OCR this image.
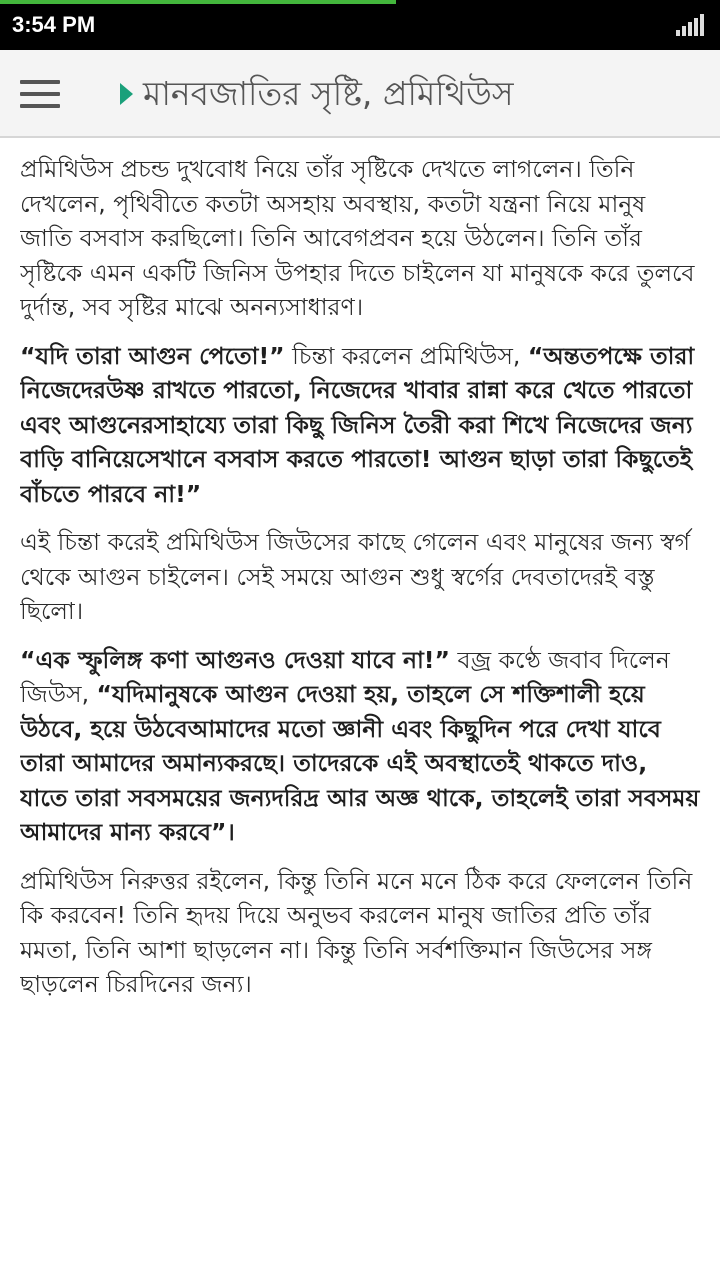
3:54 PM
মানবজাতির সৃষ্টি, প্রমিথিউস

প্রমিথিউস প্রচন্ড দুখবোধ নিয়ে তাঁর সৃষ্টিকে দেখতে লাগলেন। তিনি দেখলেন, পৃথিবীতে কতটা অসহায় অবস্থায়, কতটা যন্ত্রনা নিয়ে মানুষ জাতি বসবাস করছিলো। তিনি আবেগপ্রবন হয়ে উঠলেন। তিনি তাঁর সৃষ্টিকে এমন একটি জিনিস উপহার দিতে চাইলেন যা মানুষকে করে তুলবে দুর্দান্ত, সব সৃষ্টির মাঝে অনন্যসাধারণ।

“যদি তারা আগুন পেতো!” চিন্তা করলেন প্রমিথিউস, “অন্ততপক্ষে তারা নিজেদেরউষ্ণ রাখতে পারতো, নিজেদের খাবার রান্না করে খেতে পারতো এবং আগুনেরসাহায্যে তারা কিছু জিনিস তৈরী করা শিখে নিজেদের জন্য বাড়ি বানিয়েসেখানে বসবাস করতে পারতো! আগুন ছাড়া তারা কিছুতেই বাঁচতে পারবে না!”

এই চিন্তা করেই প্রমিথিউস জিউসের কাছে গেলেন এবং মানুষের জন্য স্বর্গ থেকে আগুন চাইলেন। সেই সময়ে আগুন শুধু স্বর্গের দেবতাদেরই বস্তু ছিলো।

“এক স্ফুলিঙ্গ কণা আগুনও দেওয়া যাবে না!” বজ্র কণ্ঠে জবাব দিলেন জিউস, “যদিমানুষকে আগুন দেওয়া হয়, তাহলে সে শক্তিশালী হয়ে উঠবে, হয়ে উঠবেআমাদের মতো জ্ঞানী এবং কিছুদিন পরে দেখা যাবে তারা আমাদের অমান্যকরছে। তাদেরকে এই অবস্থাতেই থাকতে দাও, যাতে তারা সবসময়ের জন্যদরিদ্র আর অজ্ঞ থাকে, তাহলেই তারা সবসময় আমাদের মান্য করবে”।

প্রমিথিউস নিরুত্তর রইলেন, কিন্তু তিনি মনে মনে ঠিক করে ফেললেন তিনি কি করবেন! তিনি হৃদয় দিয়ে অনুভব করলেন মানুষ জাতির প্রতি তাঁর মমতা, তিনি আশা ছাড়লেন না। কিন্তু তিনি সর্বশক্তিমান জিউসের সঙ্গ ছাড়লেন চিরদিনের জন্য।
